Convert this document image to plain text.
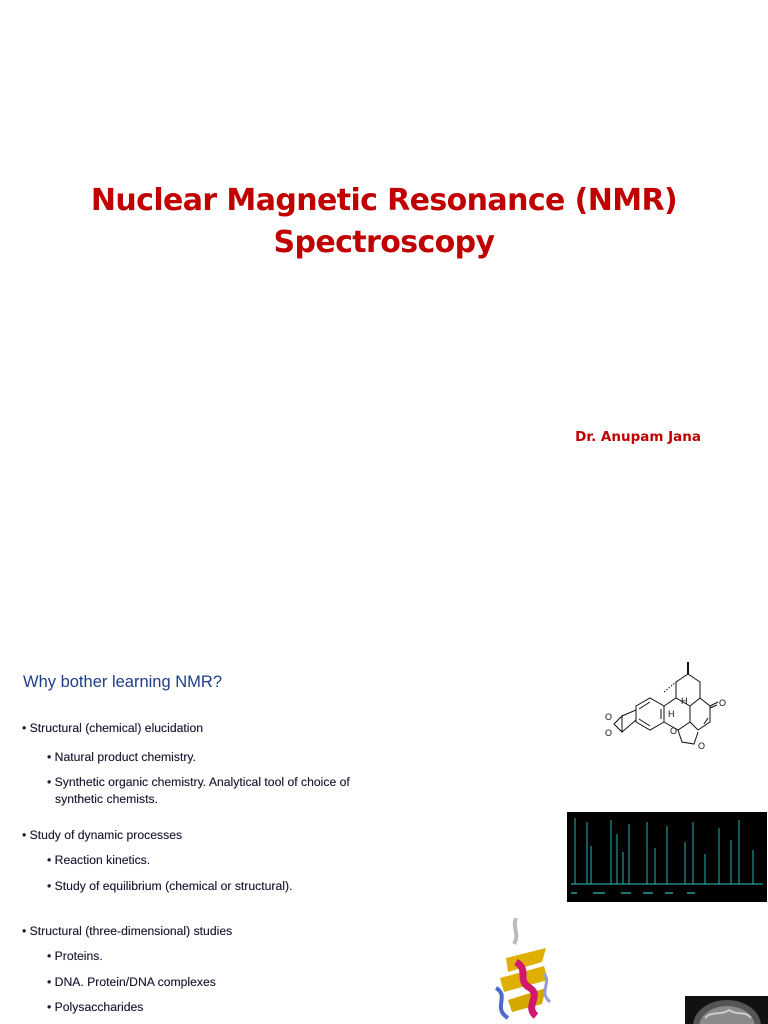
Nuclear Magnetic Resonance (NMR)
Spectroscopy
Dr. Anupam Jana
Why bother learning NMR?
• Structural (chemical) elucidation
• Natural product chemistry.
• Synthetic organic chemistry. Analytical tool of choice of
synthetic chemists.
• Study of dynamic processes
• Reaction kinetics.
• Study of equilibrium (chemical or structural).
• Structural (three-dimensional) studies
• Proteins.
• DNA. Protein/DNA complexes
• Polysaccharides
H
H
O
O	O
O
O
